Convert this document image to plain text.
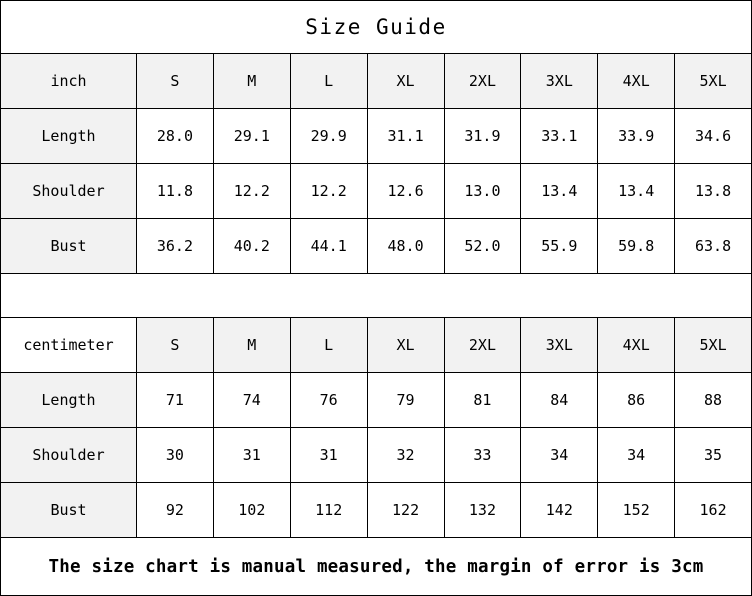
Size Guide
inch	S	M	L	XL	2XL	3XL	4XL	5XL
Length	28.0	29.1	29.9	31.1	31.9	33.1	33.9	34.6
Shoulder	11.8	12.2	12.2	12.6	13.0	13.4	13.4	13.8
Bust	36.2	40.2	44.1	48.0	52.0	55.9	59.8	63.8
centimeter	S	M	L	XL	2XL	3XL	4XL	5XL
Length	71	74	76	79	81	84	86	88
Shoulder	30	31	31	32	33	34	34	35
Bust	92	102	112	122	132	142	152	162
The size chart is manual measured, the margin of error is 3cm
